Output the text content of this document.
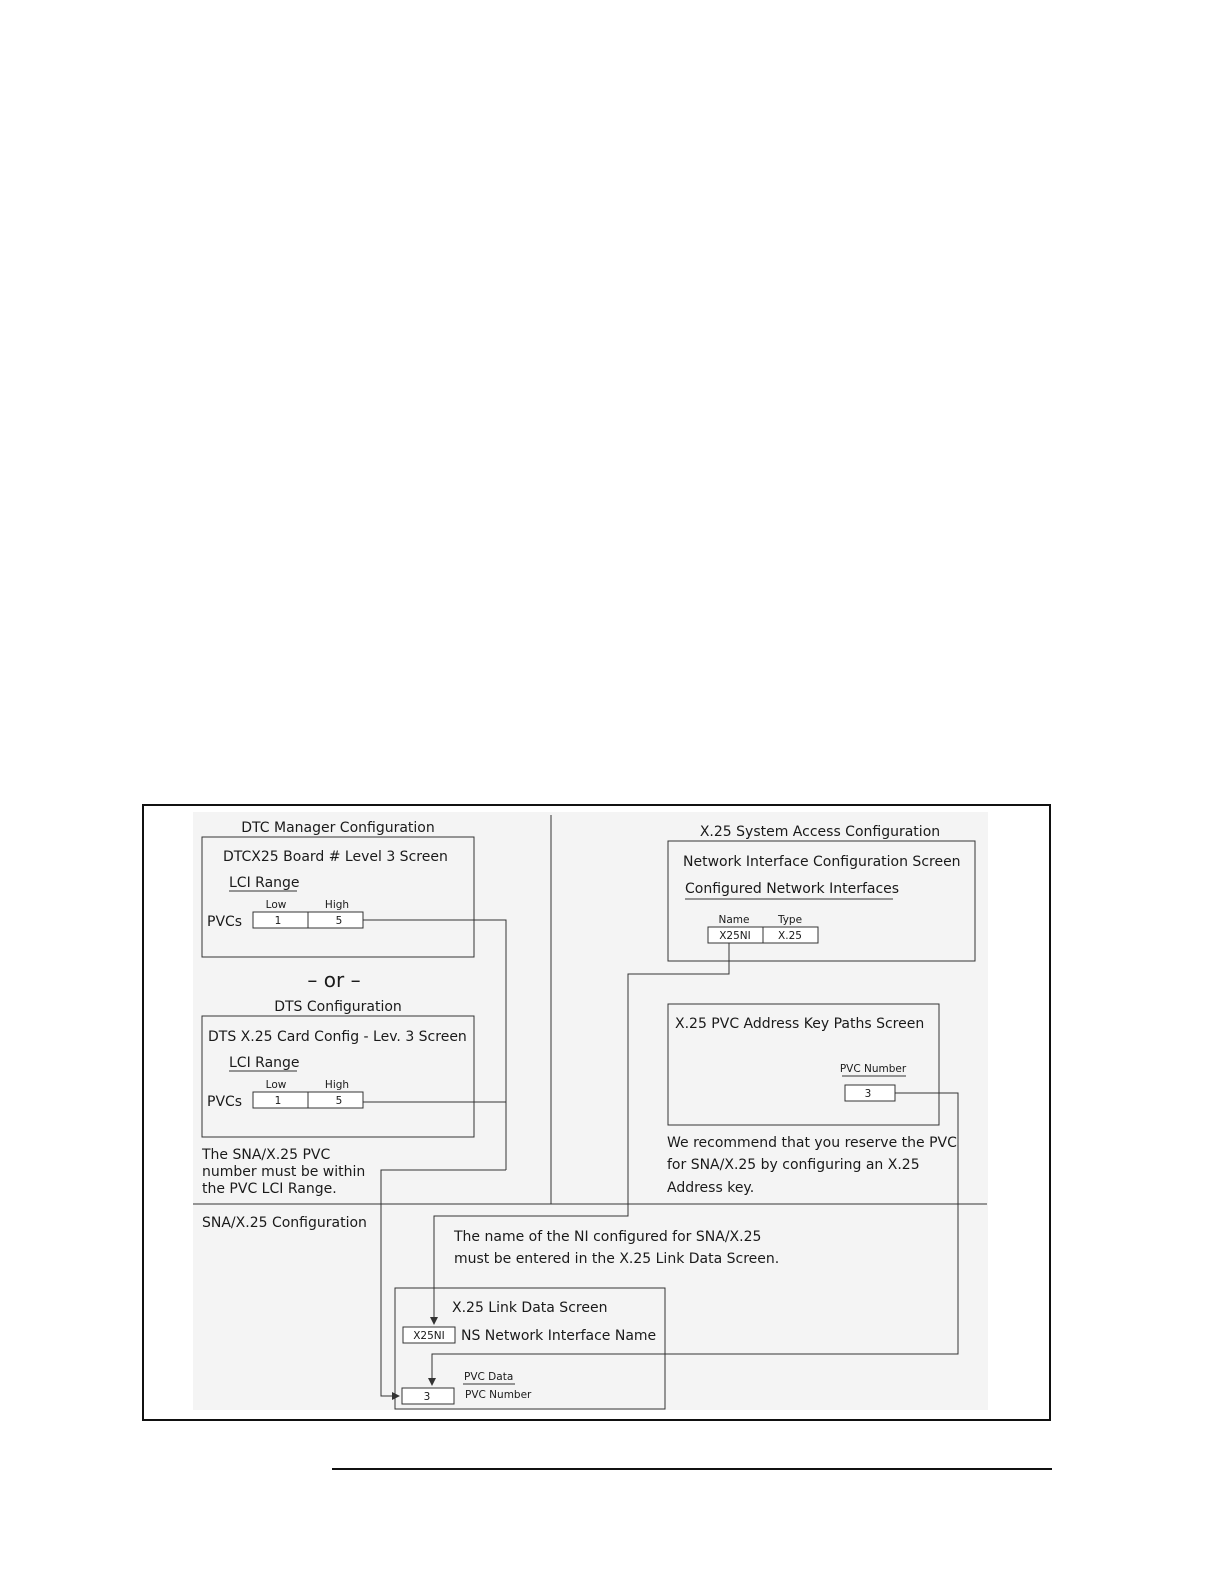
DTC Manager Configuration
DTCX25 Board # Level 3 Screen
LCI Range
Low	High
PVCs	1	5
– or –
DTS Configuration
DTS X.25 Card Config - Lev. 3 Screen
LCI Range
Low	High
PVCs	1	5
The SNA/X.25 PVC
number must be within
the PVC LCI Range.
X.25 System Access Configuration
Network Interface Configuration Screen
Configured Network Interfaces
Name	Type
X25NI	X.25
X.25 PVC Address Key Paths Screen
PVC Number
3
We recommend that you reserve the PVC
for SNA/X.25 by configuring an X.25
Address key.
SNA/X.25 Configuration
The name of the NI configured for SNA/X.25
must be entered in the X.25 Link Data Screen.
X.25 Link Data Screen
X25NI NS Network Interface Name
PVC Data
PVC Number
3
